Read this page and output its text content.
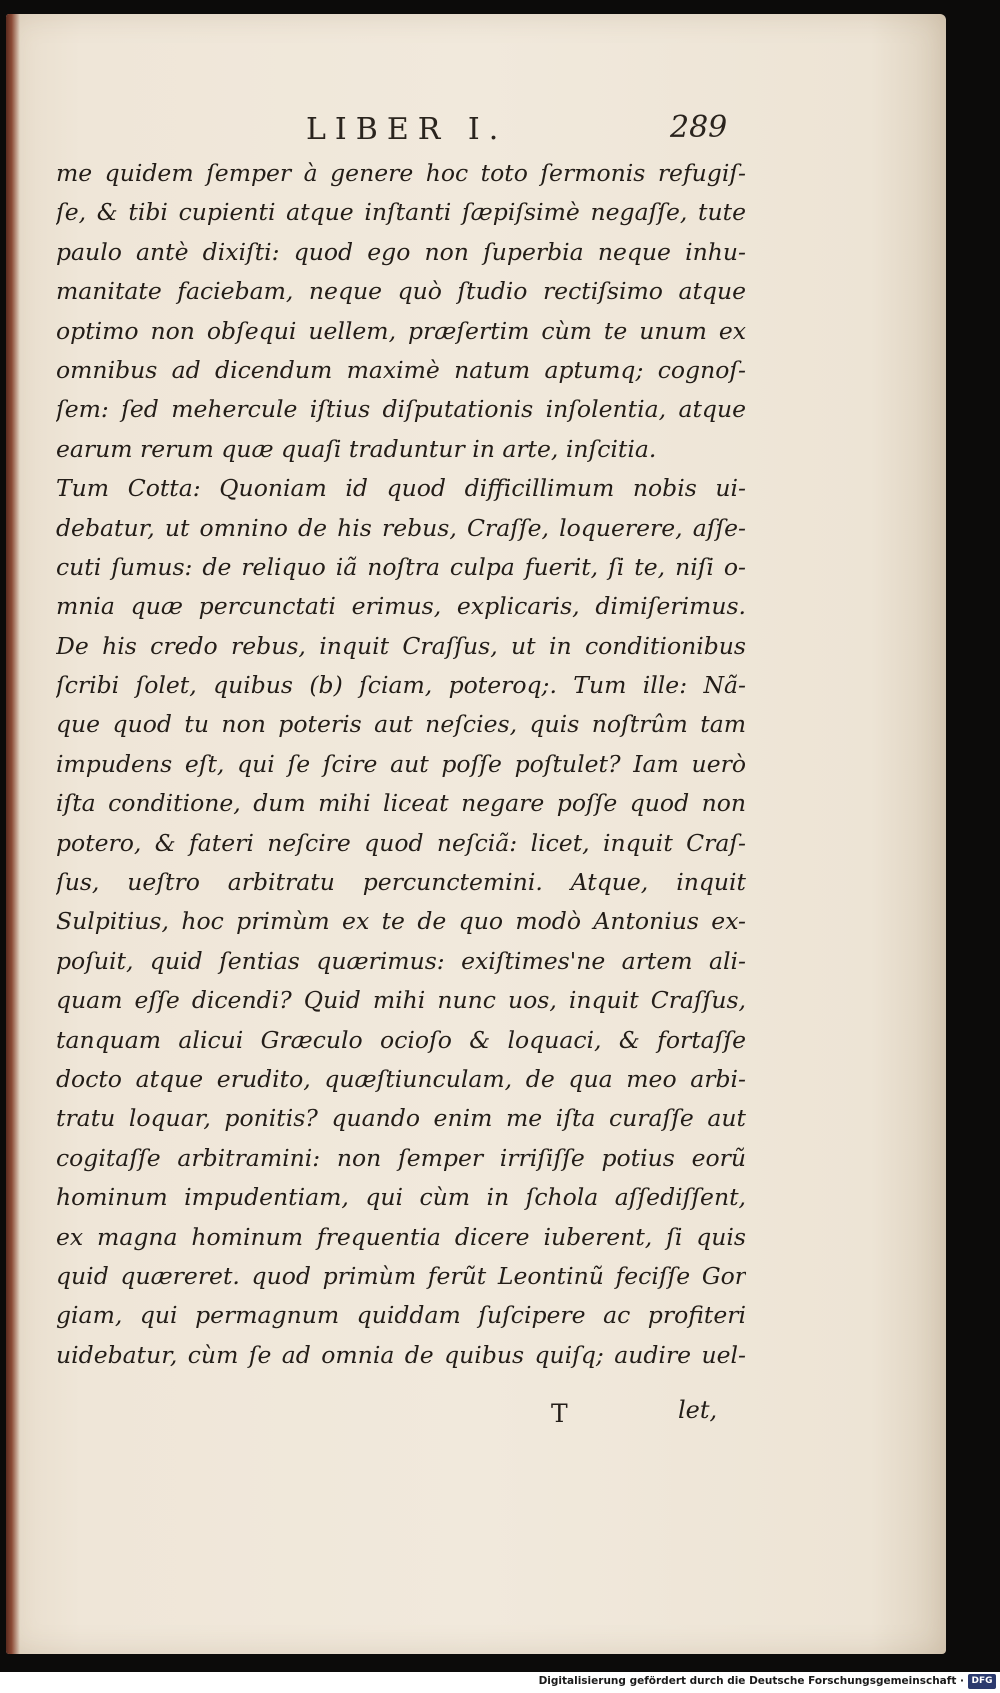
LIBER I.	289
me quidem ſemper à genere hoc toto ſermonis refugiſ-
ſe, & tibi cupienti atque inſtanti ſæpiſsimè negaſſe, tute
paulo antè dixiſti: quod ego non ſuperbia neque inhu-
manitate faciebam, neque quò ſtudio rectiſsimo atque
optimo non obſequi uellem, præſertim cùm te unum ex
omnibus ad dicendum maximè natum aptumq; cognoſ-
ſem: ſed mehercule iſtius diſputationis inſolentia, atque
earum rerum quæ quaſi traduntur in arte, inſcitia.
Tum Cotta: Quoniam id quod difficillimum nobis ui-
debatur, ut omnino de his rebus, Craſſe, loquerere, aſſe-
cuti ſumus: de reliquo iã noſtra culpa fuerit, ſi te, niſi o-
mnia quæ percunctati erimus, explicaris, dimiſerimus.
De his credo rebus, inquit Craſſus, ut in conditionibus
ſcribi ſolet, quibus (b) ſciam, poteroq;. Tum ille: Nã-
que quod tu non poteris aut neſcies, quis noſtrûm tam
impudens eſt, qui ſe ſcire aut poſſe poſtulet? Iam uerò
iſta conditione, dum mihi liceat negare poſſe quod non
potero, & fateri neſcire quod neſciã: licet, inquit Craſ-
ſus, ueſtro arbitratu percunctemini. Atque, inquit
Sulpitius, hoc primùm ex te de quo modò Antonius ex-
poſuit, quid ſentias quærimus: exiſtimes'ne artem ali-
quam eſſe dicendi? Quid mihi nunc uos, inquit Craſſus,
tanquam alicui Græculo ocioſo & loquaci, & fortaſſe
docto atque erudito, quæſtiunculam, de qua meo arbi-
tratu loquar, ponitis? quando enim me iſta curaſſe aut
cogitaſſe arbitramini: non ſemper irriſiſſe potius eorũ
hominum impudentiam, qui cùm in ſchola aſſediſſent,
ex magna hominum frequentia dicere iuberent, ſi quis
quid quæreret. quod primùm ferũt Leontinũ feciſſe Gor
giam, qui permagnum quiddam ſuſcipere ac profiteri
uidebatur, cùm ſe ad omnia de quibus quiſq; audire uel-
T	let,
Digitalisierung gefördert durch die Deutsche Forschungsgemeinschaft · DFG
